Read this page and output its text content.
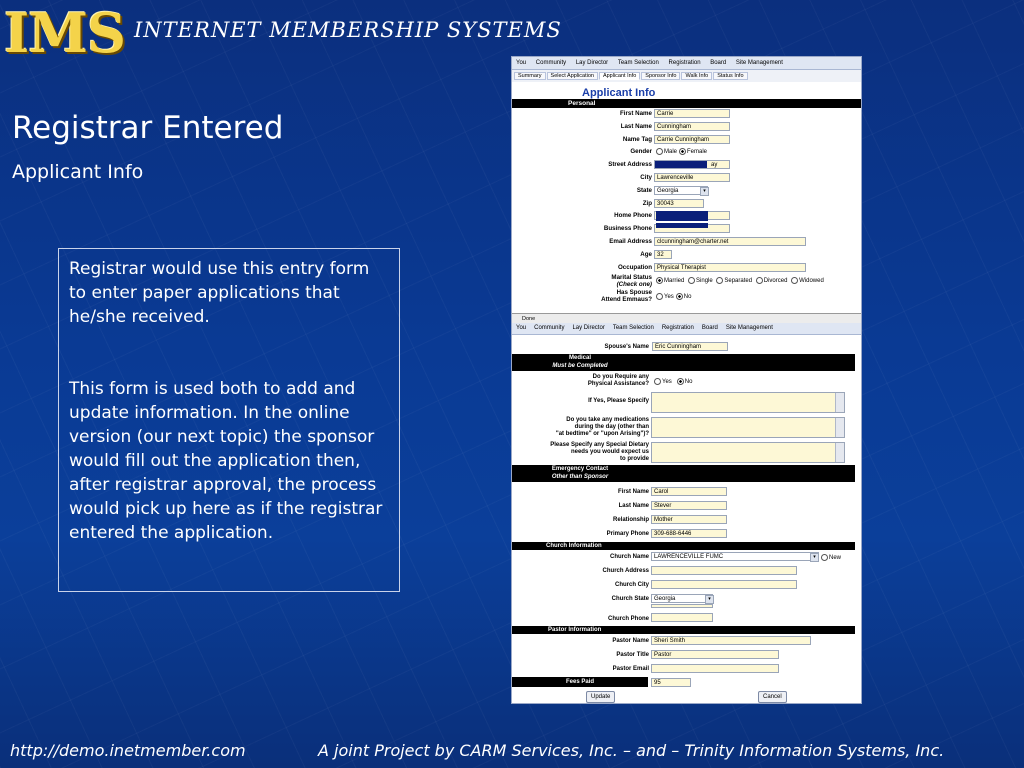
IMS INTERNET MEMBERSHIP SYSTEMS
Registrar Entered
Applicant Info

Registrar would use this entry form to enter paper applications that he/she received.

This form is used both to add and update information. In the online version (our next topic) the sponsor would fill out the application then, after registrar approval, the process would pick up here as if the registrar entered the application.

http://demo.inetmember.com	A joint Project by CARM Services, Inc. – and – Trinity Information Systems, Inc.
You Community Lay Director Team Selection Registration Board Site Management
Summary Select Application Applicant Info Sponsor Info Walk Info Status Info
Applicant Info
Personal
First Name Carrie
Last Name Cunningham
Name Tag Carrie Cunningham
Gender	Male Female
Street Address	ay
City Lawrenceville
State Georgia	▾
Zip 30043
Home Phone
Business Phone
Email Address clcunningham@charter.net
Age 32
Occupation Physical Therapist
Marital Status
(Check one)	Married Single Separated Divorced Widowed
Has Spouse
Attend Emmaus?	Yes No
Done
You Community Lay Director Team Selection Registration Board Site Management
Spouse's Name	Eric Cunningham
Medical
Must be Completed
Do you Require any
Physical Assistance?	Yes No
If Yes, Please Specify
Do you take any medications
during the day (other than
"at bedtime" or "upon Arising")?
Please Specify any Special Dietary
needs you would expect us
to provide
Emergency Contact
Other than Sponsor
First Name Carol
Last Name Stever
Relationship Mother
Primary Phone 309-688-6446
Church Information
Church Name LAWRENCEVILLE FUMC	▾	New
Church Address
Church City
Church State Georgia	▾
Church Phone
Pastor Information
Pastor Name Sheri Smith
Pastor Title Pastor
Pastor Email
Fees Paid	95
Update	Cancel
